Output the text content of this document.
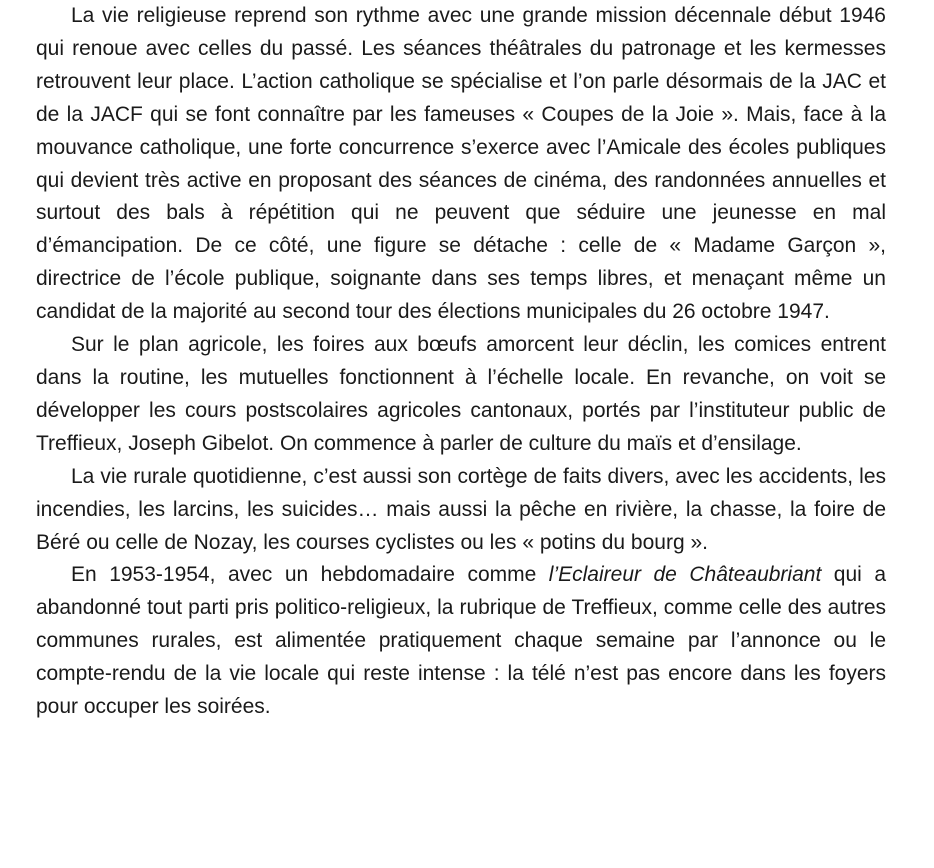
La vie religieuse reprend son rythme avec une grande mission décennale début 1946 qui renoue avec celles du passé. Les séances théâtrales du patronage et les kermesses retrouvent leur place. L’action catholique se spécialise et l’on parle désormais de la JAC et de la JACF qui se font connaître par les fameuses « Coupes de la Joie ». Mais, face à la mouvance catholique, une forte concurrence s’exerce avec l’Amicale des écoles publiques qui devient très active en proposant des séances de cinéma, des randonnées annuelles et surtout des bals à répétition qui ne peuvent que séduire une jeunesse en mal d’émancipation. De ce côté, une figure se détache : celle de « Madame Garçon », directrice de l’école publique, soignante dans ses temps libres, et menaçant même un candidat de la majorité au second tour des élections municipales du 26 octobre 1947.

Sur le plan agricole, les foires aux bœufs amorcent leur déclin, les comices entrent dans la routine, les mutuelles fonctionnent à l’échelle locale. En revanche, on voit se développer les cours postscolaires agricoles cantonaux, portés par l’instituteur public de Treffieux, Joseph Gibelot. On commence à parler de culture du maïs et d’ensilage.

La vie rurale quotidienne, c’est aussi son cortège de faits divers, avec les accidents, les incendies, les larcins, les suicides… mais aussi la pêche en rivière, la chasse, la foire de Béré ou celle de Nozay, les courses cyclistes ou les « potins du bourg ».

En 1953-1954, avec un hebdomadaire comme l’Eclaireur de Châteaubriant qui a abandonné tout parti pris politico-religieux, la rubrique de Treffieux, comme celle des autres communes rurales, est alimentée pratiquement chaque semaine par l’annonce ou le compte-rendu de la vie locale qui reste intense : la télé n’est pas encore dans les foyers pour occuper les soirées.
